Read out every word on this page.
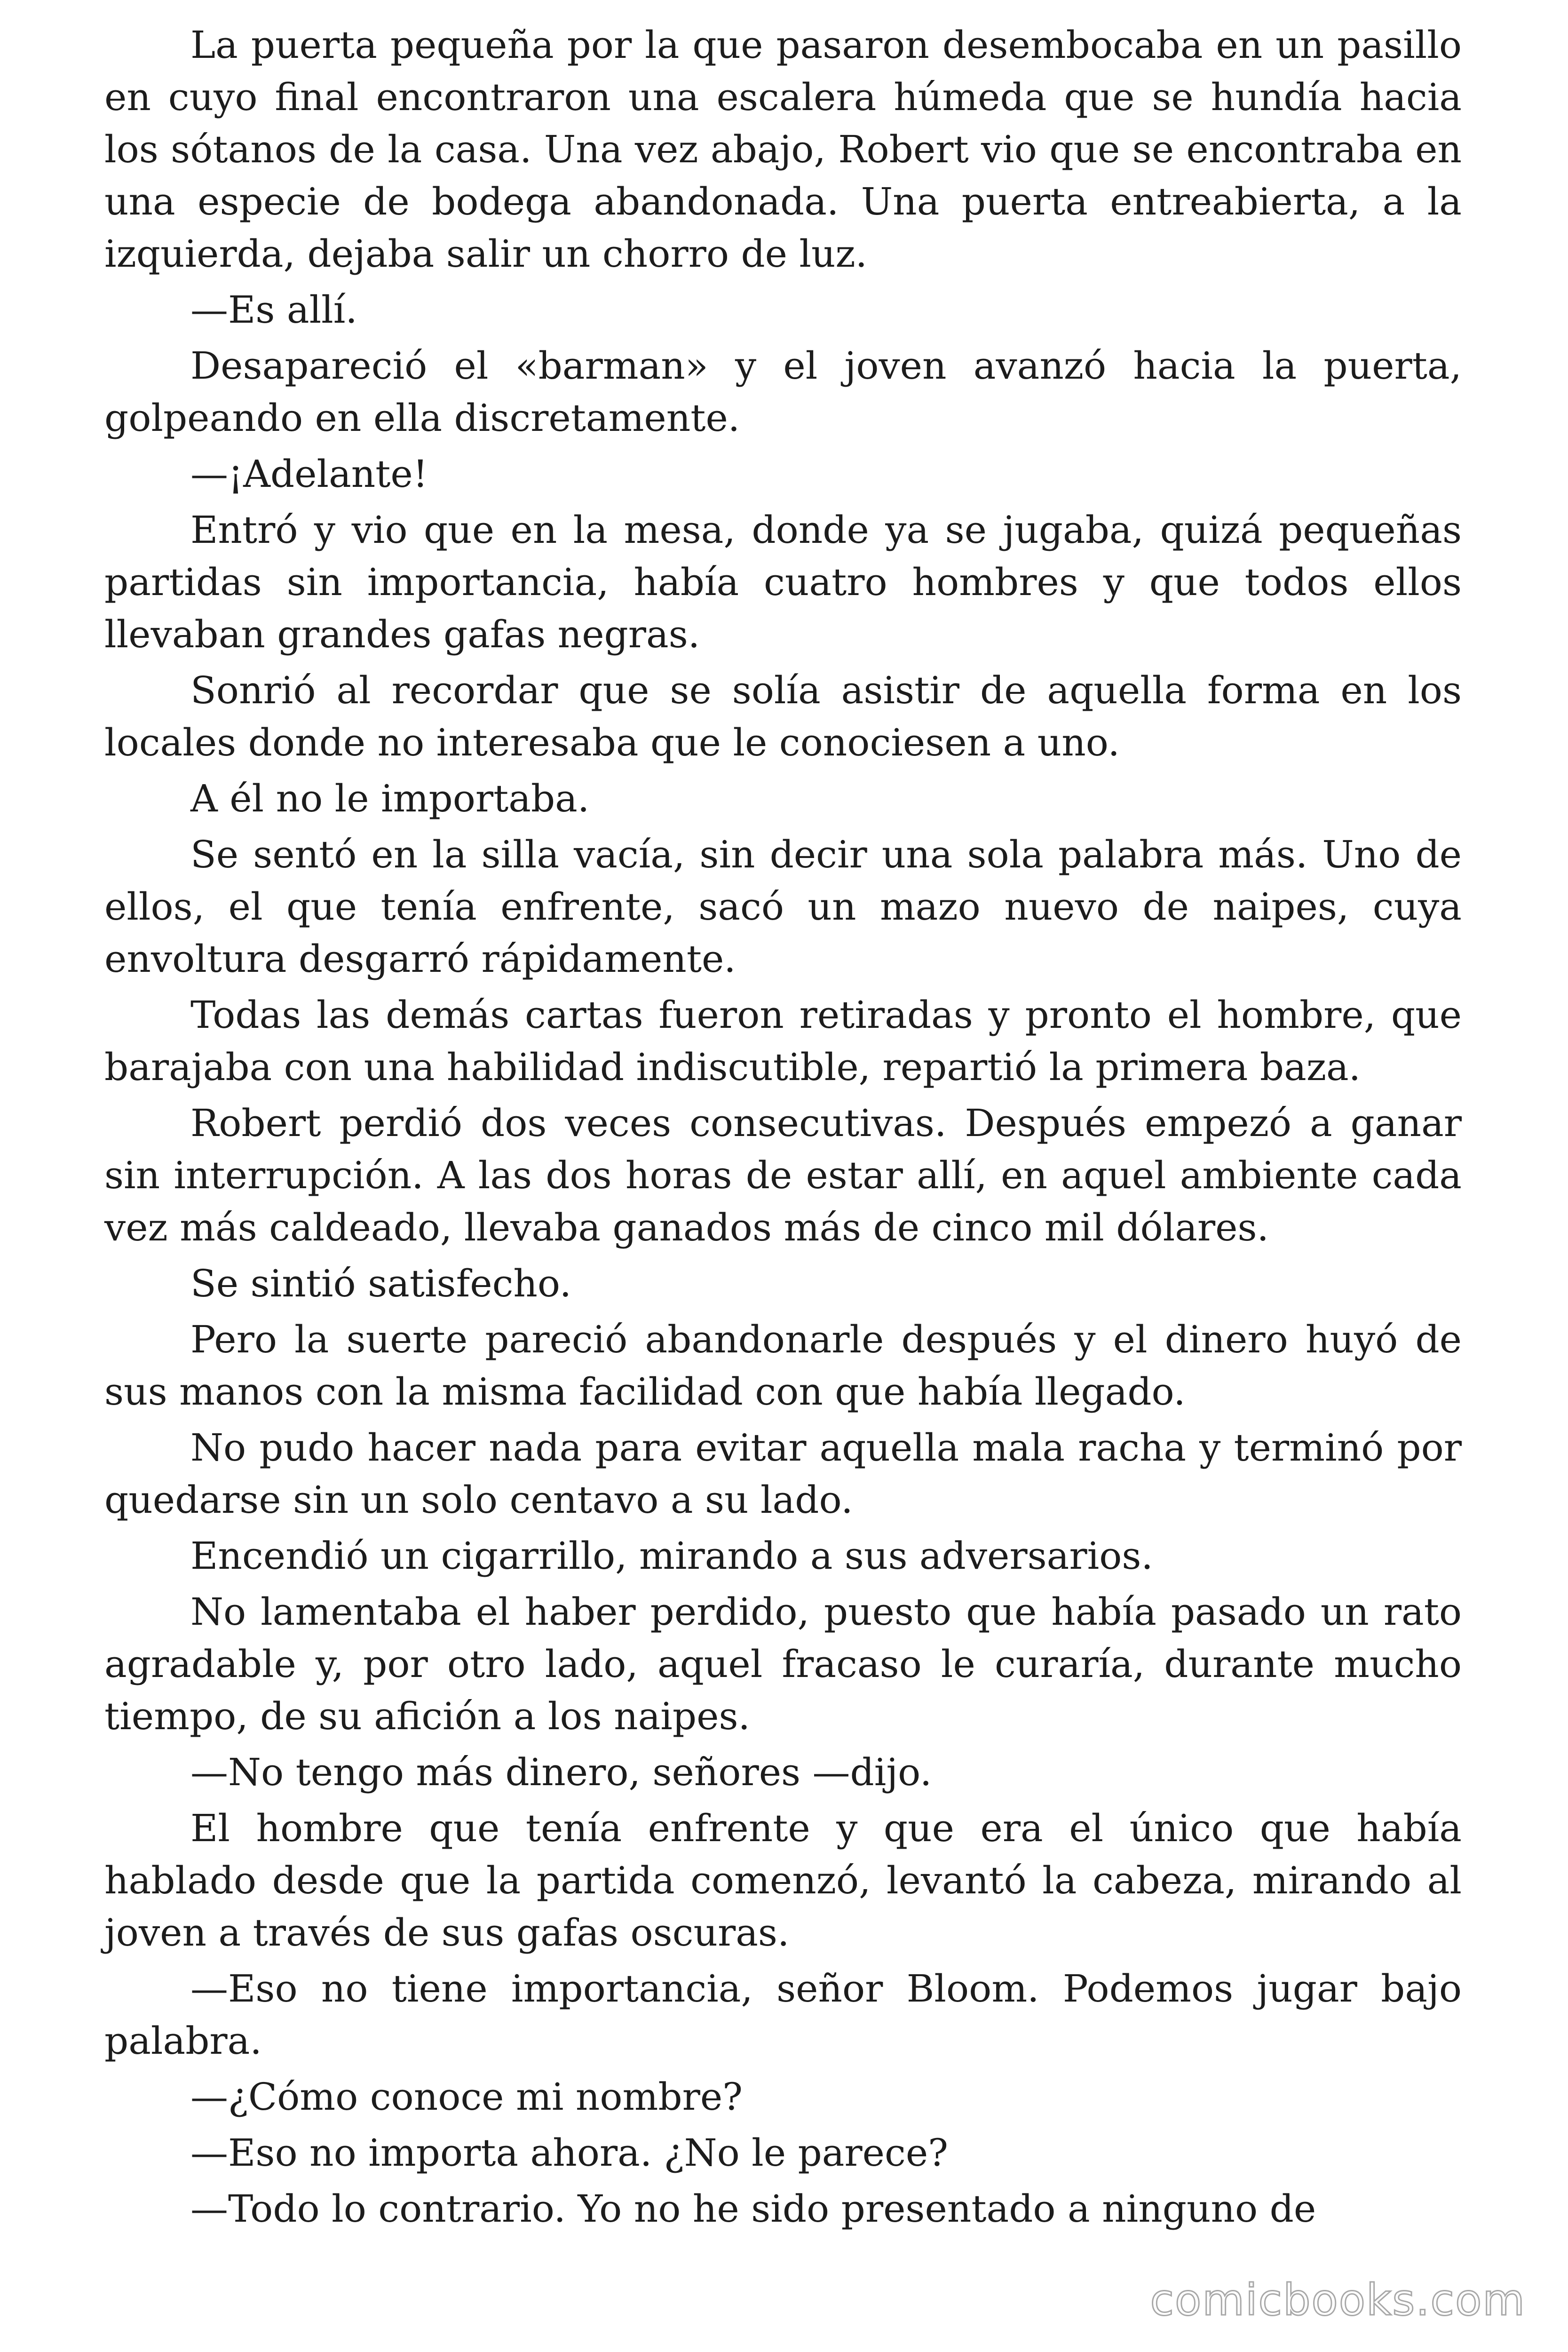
La puerta pequeña por la que pasaron desembocaba en un pasillo en cuyo final encontraron una escalera húmeda que se hundía hacia los sótanos de la casa. Una vez abajo, Robert vio que se encontraba en una especie de bodega abandonada. Una puerta entreabierta, a la izquierda, dejaba salir un chorro de luz.

—Es allí.

Desapareció el «barman» y el joven avanzó hacia la puerta, golpeando en ella discretamente.

—¡Adelante!

Entró y vio que en la mesa, donde ya se jugaba, quizá pequeñas partidas sin importancia, había cuatro hombres y que todos ellos llevaban grandes gafas negras.

Sonrió al recordar que se solía asistir de aquella forma en los locales donde no interesaba que le conociesen a uno.

A él no le importaba.

Se sentó en la silla vacía, sin decir una sola palabra más. Uno de ellos, el que tenía enfrente, sacó un mazo nuevo de naipes, cuya envoltura desgarró rápidamente.

Todas las demás cartas fueron retiradas y pronto el hombre, que barajaba con una habilidad indiscutible, repartió la primera baza.

Robert perdió dos veces consecutivas. Después empezó a ganar sin interrupción. A las dos horas de estar allí, en aquel ambiente cada vez más caldeado, llevaba ganados más de cinco mil dólares.

Se sintió satisfecho.

Pero la suerte pareció abandonarle después y el dinero huyó de sus manos con la misma facilidad con que había llegado.

No pudo hacer nada para evitar aquella mala racha y terminó por quedarse sin un solo centavo a su lado.

Encendió un cigarrillo, mirando a sus adversarios.

No lamentaba el haber perdido, puesto que había pasado un rato agradable y, por otro lado, aquel fracaso le curaría, durante mucho tiempo, de su afición a los naipes.

—No tengo más dinero, señores —dijo.

El hombre que tenía enfrente y que era el único que había hablado desde que la partida comenzó, levantó la cabeza, mirando al joven a través de sus gafas oscuras.

—Eso no tiene importancia, señor Bloom. Podemos jugar bajo palabra.

—¿Cómo conoce mi nombre?

—Eso no importa ahora. ¿No le parece?

—Todo lo contrario. Yo no he sido presentado a ninguno de

comicbooks.com
